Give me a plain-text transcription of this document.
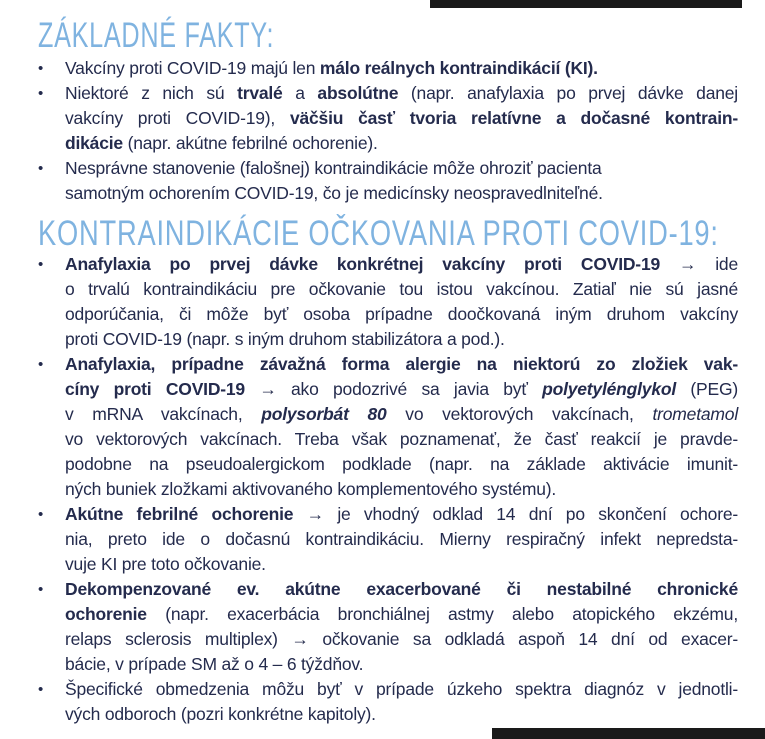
ZÁKLADNÉ FAKTY:
•	Vakcíny proti COVID-19 majú len málo reálnych kontraindikácií (KI).
•	Niektoré z nich sú trvalé a absolútne (napr. anafylaxia po prvej dávke danej
vakcíny proti COVID-19), väčšiu časť tvoria relatívne a dočasné kontrain-
dikácie (napr. akútne febrilné ochorenie).
•	Nesprávne stanovenie (falošnej) kontraindikácie môže ohroziť pacienta
samotným ochorením COVID-19, čo je medicínsky neospravedlniteľné.
KONTRAINDIKÁCIE OČKOVANIA PROTI COVID-19:
•	Anafylaxia po prvej dávke konkrétnej vakcíny proti COVID-19 → ide
o trvalú kontraindikáciu pre očkovanie tou istou vakcínou. Zatiaľ nie sú jasné
odporúčania, či môže byť osoba prípadne doočkovaná iným druhom vakcíny
proti COVID-19 (napr. s iným druhom stabilizátora a pod.).
•	Anafylaxia, prípadne závažná forma alergie na niektorú zo zložiek vak-
cíny proti COVID-19 → ako podozrivé sa javia byť polyetylénglykol (PEG)
v mRNA vakcínach, polysorbát 80 vo vektorových vakcínach, trometamol
vo vektorových vakcínach. Treba však poznamenať, že časť reakcií je pravde-
podobne na pseudoalergickom podklade (napr. na základe aktivácie imunit-
ných buniek zložkami aktivovaného komplementového systému).
•	Akútne febrilné ochorenie → je vhodný odklad 14 dní po skončení ochore-
nia, preto ide o dočasnú kontraindikáciu. Mierny respiračný infekt nepredsta-
vuje KI pre toto očkovanie.
•	Dekompenzované ev. akútne exacerbované či nestabilné chronické
ochorenie (napr. exacerbácia bronchiálnej astmy alebo atopického ekzému,
relaps sclerosis multiplex) → očkovanie sa odkladá aspoň 14 dní od exacer-
bácie, v prípade SM až o 4 – 6 týždňov.
•	Špecifické obmedzenia môžu byť v prípade úzkeho spektra diagnóz v jednotli-
vých odboroch (pozri konkrétne kapitoly).
